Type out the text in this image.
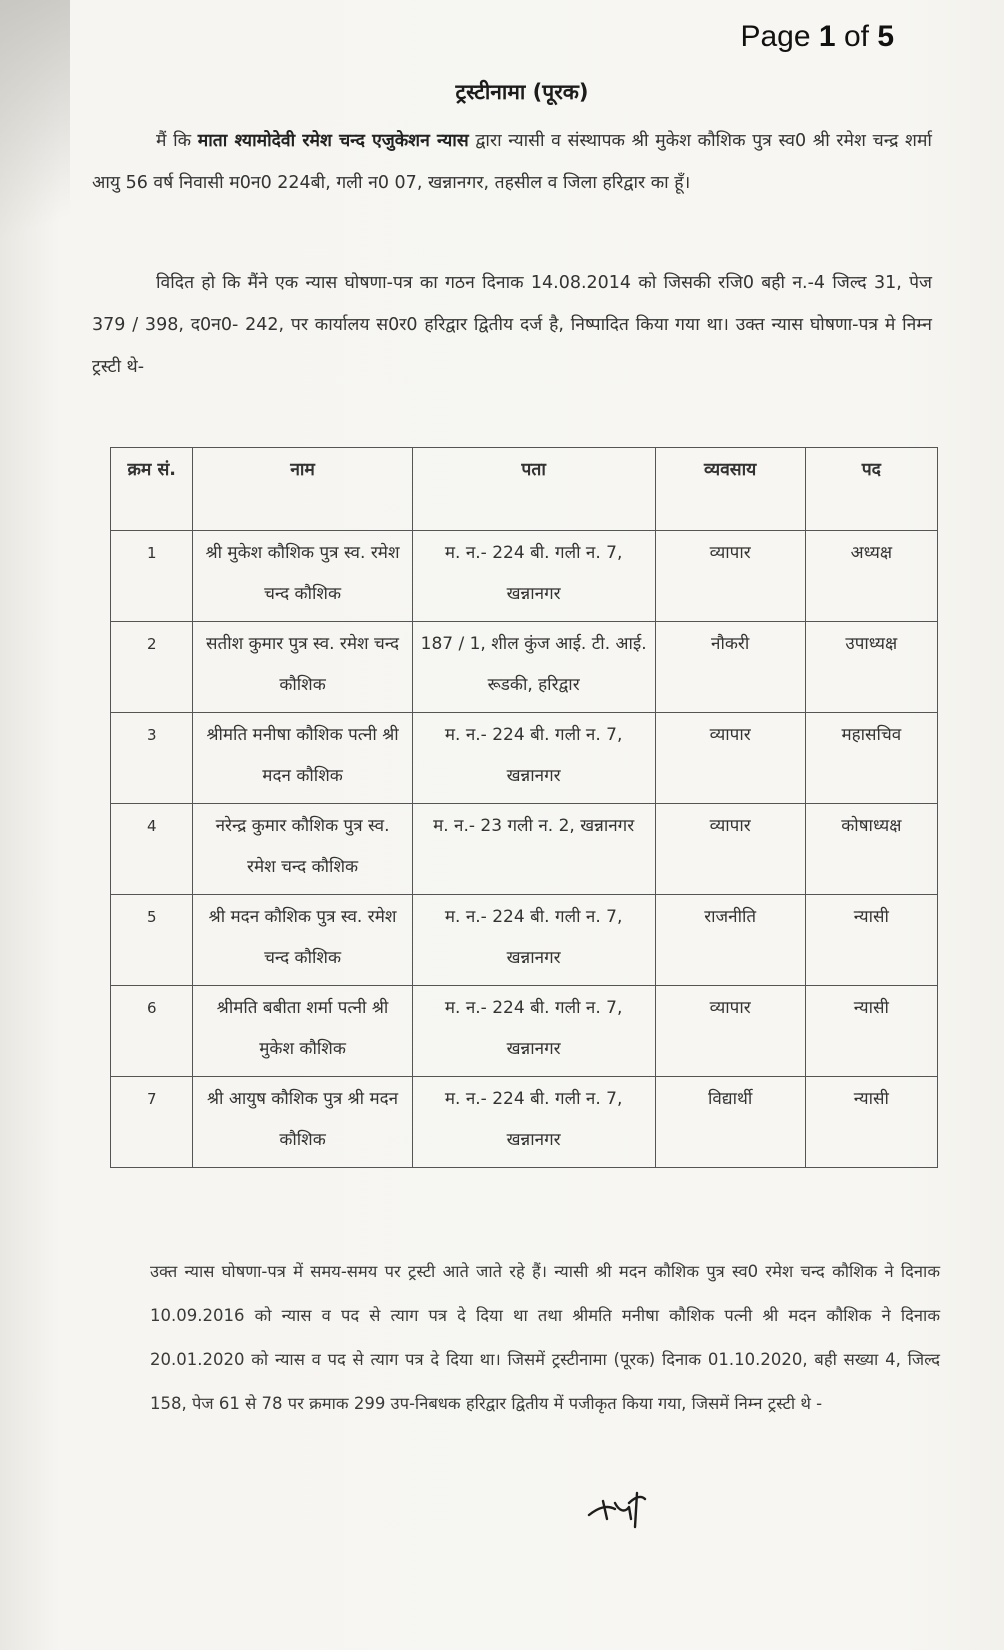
Page 1 of 5
ट्रस्टीनामा (पूरक)
मैं कि माता श्यामोदेवी रमेश चन्द एजुकेशन न्यास द्वारा न्यासी व संस्थापक श्री मुकेश कौशिक पुत्र स्व0 श्री रमेश चन्द्र शर्मा आयु 56 वर्ष निवासी म0न0 224बी, गली न0 07, खन्नानगर, तहसील व जिला हरिद्वार का हूँ।
विदित हो कि मैंने एक न्यास घोषणा-पत्र का गठन दिनाक 14.08.2014 को जिसकी रजि0 बही न.-4 जिल्द 31, पेज 379 / 398, द0न0- 242, पर कार्यालय स0र0 हरिद्वार द्वितीय दर्ज है, निष्पादित किया गया था। उक्त न्यास घोषणा-पत्र मे निम्न ट्रस्टी थे-
क्रम सं.	नाम	पता	व्यवसाय	पद
1	श्री मुकेश कौशिक पुत्र स्व. रमेश चन्द कौशिक	म. न.- 224 बी. गली न. 7, खन्नानगर	व्यापार	अध्यक्ष
2	सतीश कुमार पुत्र स्व. रमेश चन्द कौशिक	187 / 1, शील कुंज आई. टी. आई. रूडकी, हरिद्वार	नौकरी	उपाध्यक्ष
3	श्रीमति मनीषा कौशिक पत्नी श्री मदन कौशिक	म. न.- 224 बी. गली न. 7, खन्नानगर	व्यापार	महासचिव
4	नरेन्द्र कुमार कौशिक पुत्र स्व. रमेश चन्द कौशिक	म. न.- 23 गली न. 2, खन्नानगर	व्यापार	कोषाध्यक्ष
5	श्री मदन कौशिक पुत्र स्व. रमेश चन्द कौशिक	म. न.- 224 बी. गली न. 7, खन्नानगर	राजनीति	न्यासी
6	श्रीमति बबीता शर्मा पत्नी श्री मुकेश कौशिक	म. न.- 224 बी. गली न. 7, खन्नानगर	व्यापार	न्यासी
7	श्री आयुष कौशिक पुत्र श्री मदन कौशिक	म. न.- 224 बी. गली न. 7, खन्नानगर	विद्यार्थी	न्यासी
उक्त न्यास घोषणा-पत्र में समय-समय पर ट्रस्टी आते जाते रहे हैं। न्यासी श्री मदन कौशिक पुत्र स्व0 रमेश चन्द कौशिक ने दिनाक 10.09.2016 को न्यास व पद से त्याग पत्र दे दिया था तथा श्रीमति मनीषा कौशिक पत्नी श्री मदन कौशिक ने दिनाक 20.01.2020 को न्यास व पद से त्याग पत्र दे दिया था। जिसमें ट्रस्टीनामा (पूरक) दिनाक 01.10.2020, बही सख्या 4, जिल्द 158, पेज 61 से 78 पर क्रमाक 299 उप-निबधक हरिद्वार द्वितीय में पजीकृत किया गया, जिसमें निम्न ट्रस्टी थे -
